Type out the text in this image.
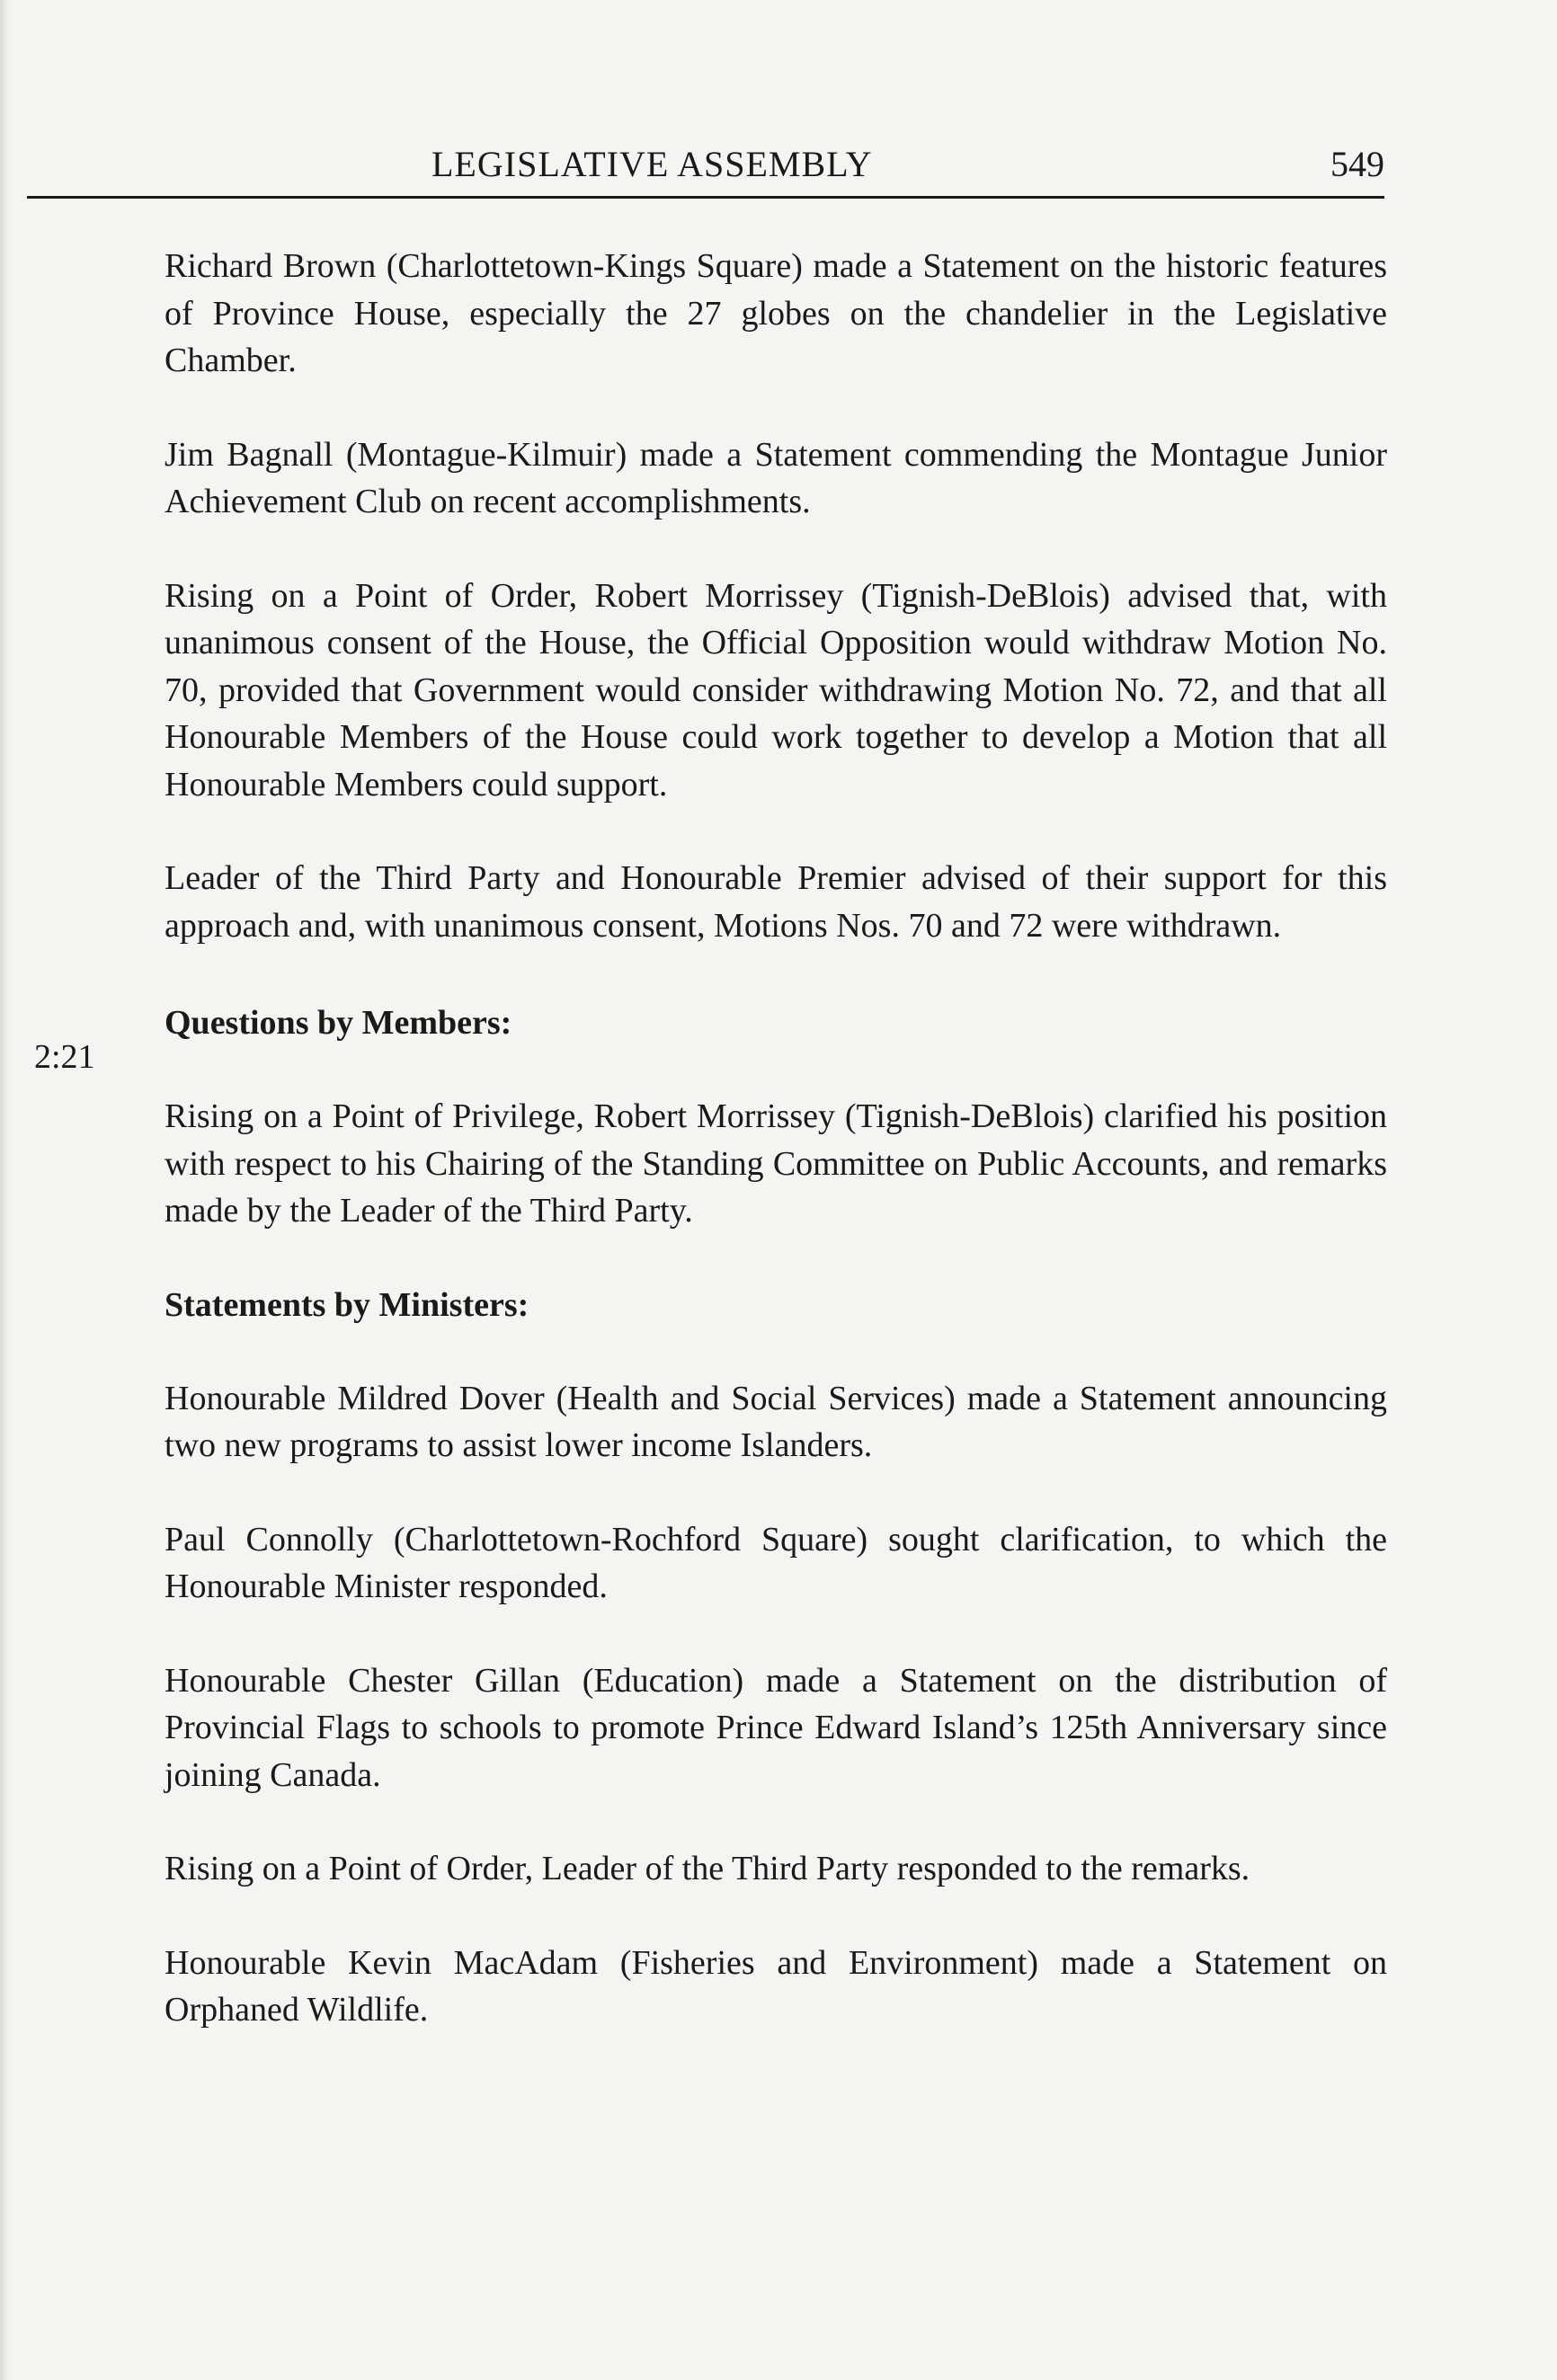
LEGISLATIVE ASSEMBLY	549
2:21

Richard Brown (Charlottetown-Kings Square) made a Statement on the historic features of Province House, especially the 27 globes on the chandelier in the Legislative Chamber.

Jim Bagnall (Montague-Kilmuir) made a Statement commending the Montague Junior Achievement Club on recent accomplishments.

Rising on a Point of Order, Robert Morrissey (Tignish-DeBlois) advised that, with unanimous consent of the House, the Official Opposition would withdraw Motion No. 70, provided that Government would consider withdrawing Motion No. 72, and that all Honourable Members of the House could work together to develop a Motion that all Honourable Members could support.

Leader of the Third Party and Honourable Premier advised of their support for this approach and, with unanimous consent, Motions Nos. 70 and 72 were withdrawn.

Questions by Members:

Rising on a Point of Privilege, Robert Morrissey (Tignish-DeBlois) clarified his position with respect to his Chairing of the Standing Committee on Public Accounts, and remarks made by the Leader of the Third Party.

Statements by Ministers:

Honourable Mildred Dover (Health and Social Services) made a Statement announcing two new programs to assist lower income Islanders.

Paul Connolly (Charlottetown-Rochford Square) sought clarification, to which the Honourable Minister responded.

Honourable Chester Gillan (Education) made a Statement on the distribution of Provincial Flags to schools to promote Prince Edward Island’s 125th Anniversary since joining Canada.

Rising on a Point of Order, Leader of the Third Party responded to the remarks.

Honourable Kevin MacAdam (Fisheries and Environment) made a Statement on Orphaned Wildlife.
